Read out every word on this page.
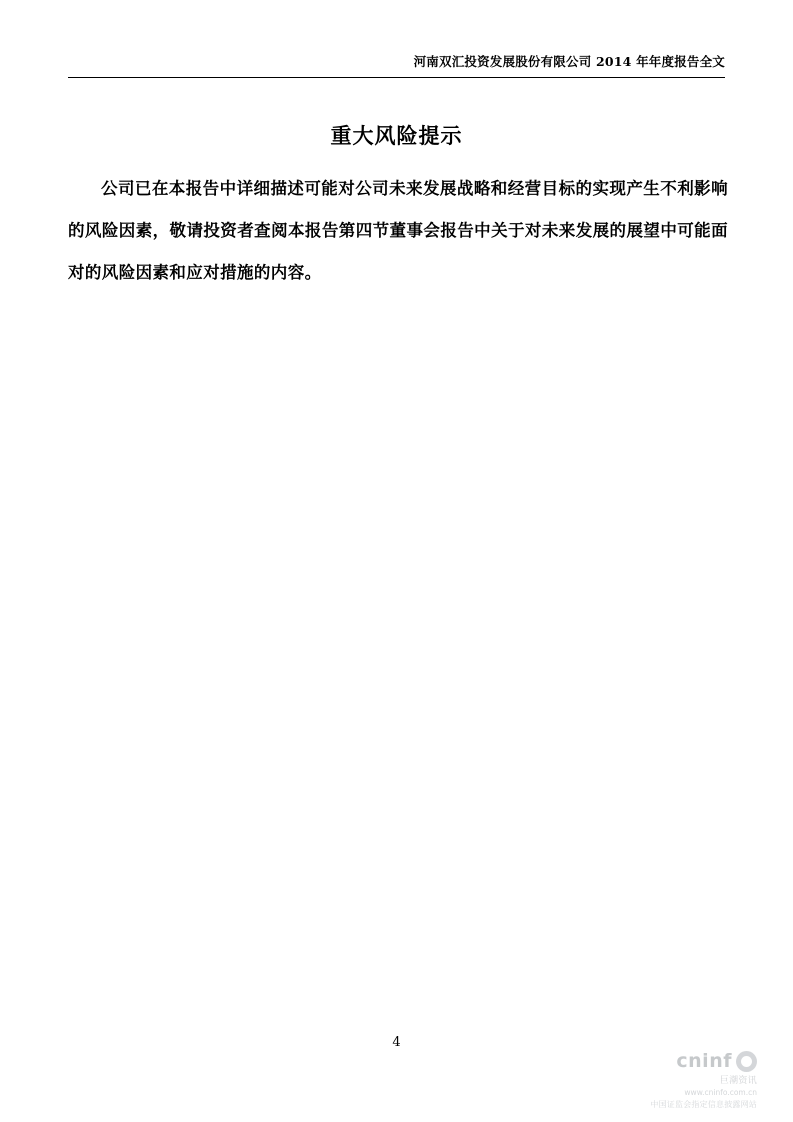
河南双汇投资发展股份有限公司 2014 年年度报告全文
重大风险提示
公司已在本报告中详细描述可能对公司未来发展战略和经营目标的实现产生不利影响的风险因素，敬请投资者查阅本报告第四节董事会报告中关于对未来发展的展望中可能面对的风险因素和应对措施的内容。
4
cninf
巨潮资讯
www.cninfo.com.cn
中国证监会指定信息披露网站
